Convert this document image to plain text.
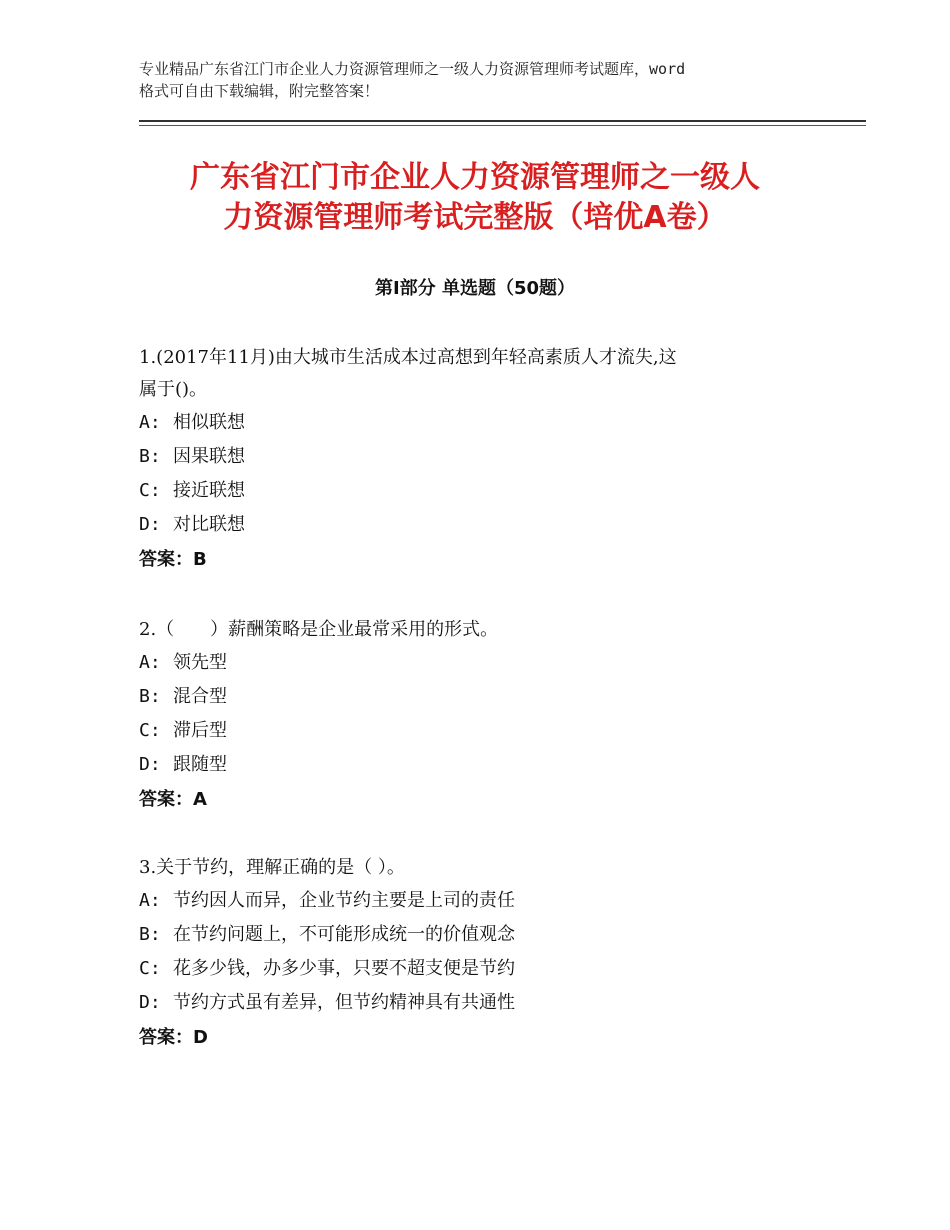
专业精品广东省江门市企业人力资源管理师之一级人力资源管理师考试题库，word
格式可自由下载编辑，附完整答案！
广东省江门市企业人力资源管理师之一级人
力资源管理师考试完整版（培优A卷）
第Ⅰ部分 单选题（50题）

1.(2017年11月)由大城市生活成本过高想到年轻高素质人才流失,这

属于()。

A: 相似联想

B: 因果联想

C: 接近联想

D: 对比联想

答案：B

2.（　　）薪酬策略是企业最常采用的形式。

A: 领先型

B: 混合型

C: 滞后型

D: 跟随型

答案：A

3.关于节约，理解正确的是（ ）。

A: 节约因人而异，企业节约主要是上司的责任

B: 在节约问题上，不可能形成统一的价值观念

C: 花多少钱，办多少事，只要不超支便是节约

D: 节约方式虽有差异，但节约精神具有共通性

答案：D
